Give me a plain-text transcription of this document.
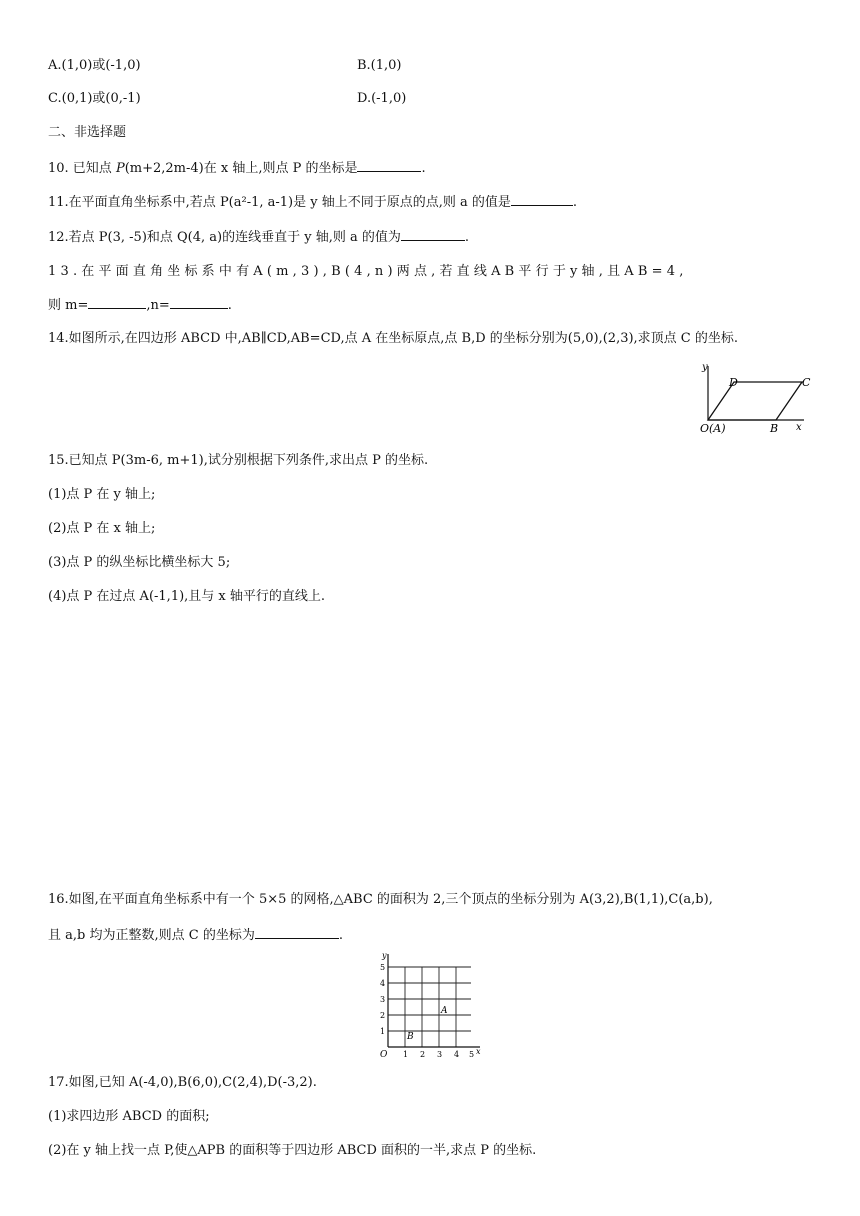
A.(1,0)或(-1,0)	B.(1,0)
C.(0,1)或(0,-1)	D.(-1,0)
二、非选择题
10. 已知点 P(m+2,2m-4)在 x 轴上,则点 P 的坐标是	.
11.在平面直角坐标系中,若点 P(a²-1, a-1)是 y 轴上不同于原点的点,则 a 的值是	.
12.若点 P(3, -5)和点 Q(4, a)的连线垂直于 y 轴,则 a 的值为	.
13.在平面直角坐标系中有A(m,3),B(4,n)两点,若直线AB平行于y轴,且AB=4,
则 m=	,n=	.
14.如图所示,在四边形 ABCD 中,AB∥CD,AB=CD,点 A 在坐标原点,点 B,D 的坐标分别为(5,0),(2,3),求顶点 C 的坐标.
y
D	C
O (A)	B x
15.已知点 P(3m-6, m+1),试分别根据下列条件,求出点 P 的坐标.
(1)点 P 在 y 轴上;
(2)点 P 在 x 轴上;
(3)点 P 的纵坐标比横坐标大 5;
(4)点 P 在过点 A(-1,1),且与 x 轴平行的直线上.
16.如图,在平面直角坐标系中有一个 5×5 的网格,△ABC 的面积为 2,三个顶点的坐标分别为 A(3,2),B(1,1),C(a,b),
且 a,b 均为正整数,则点 C 的坐标为	.
y
x
O 1 2 3 4 5
1
2
3
4
5
A
B
17.如图,已知 A(-4,0),B(6,0),C(2,4),D(-3,2).
(1)求四边形 ABCD 的面积;
(2)在 y 轴上找一点 P,使△APB 的面积等于四边形 ABCD 面积的一半,求点 P 的坐标.
